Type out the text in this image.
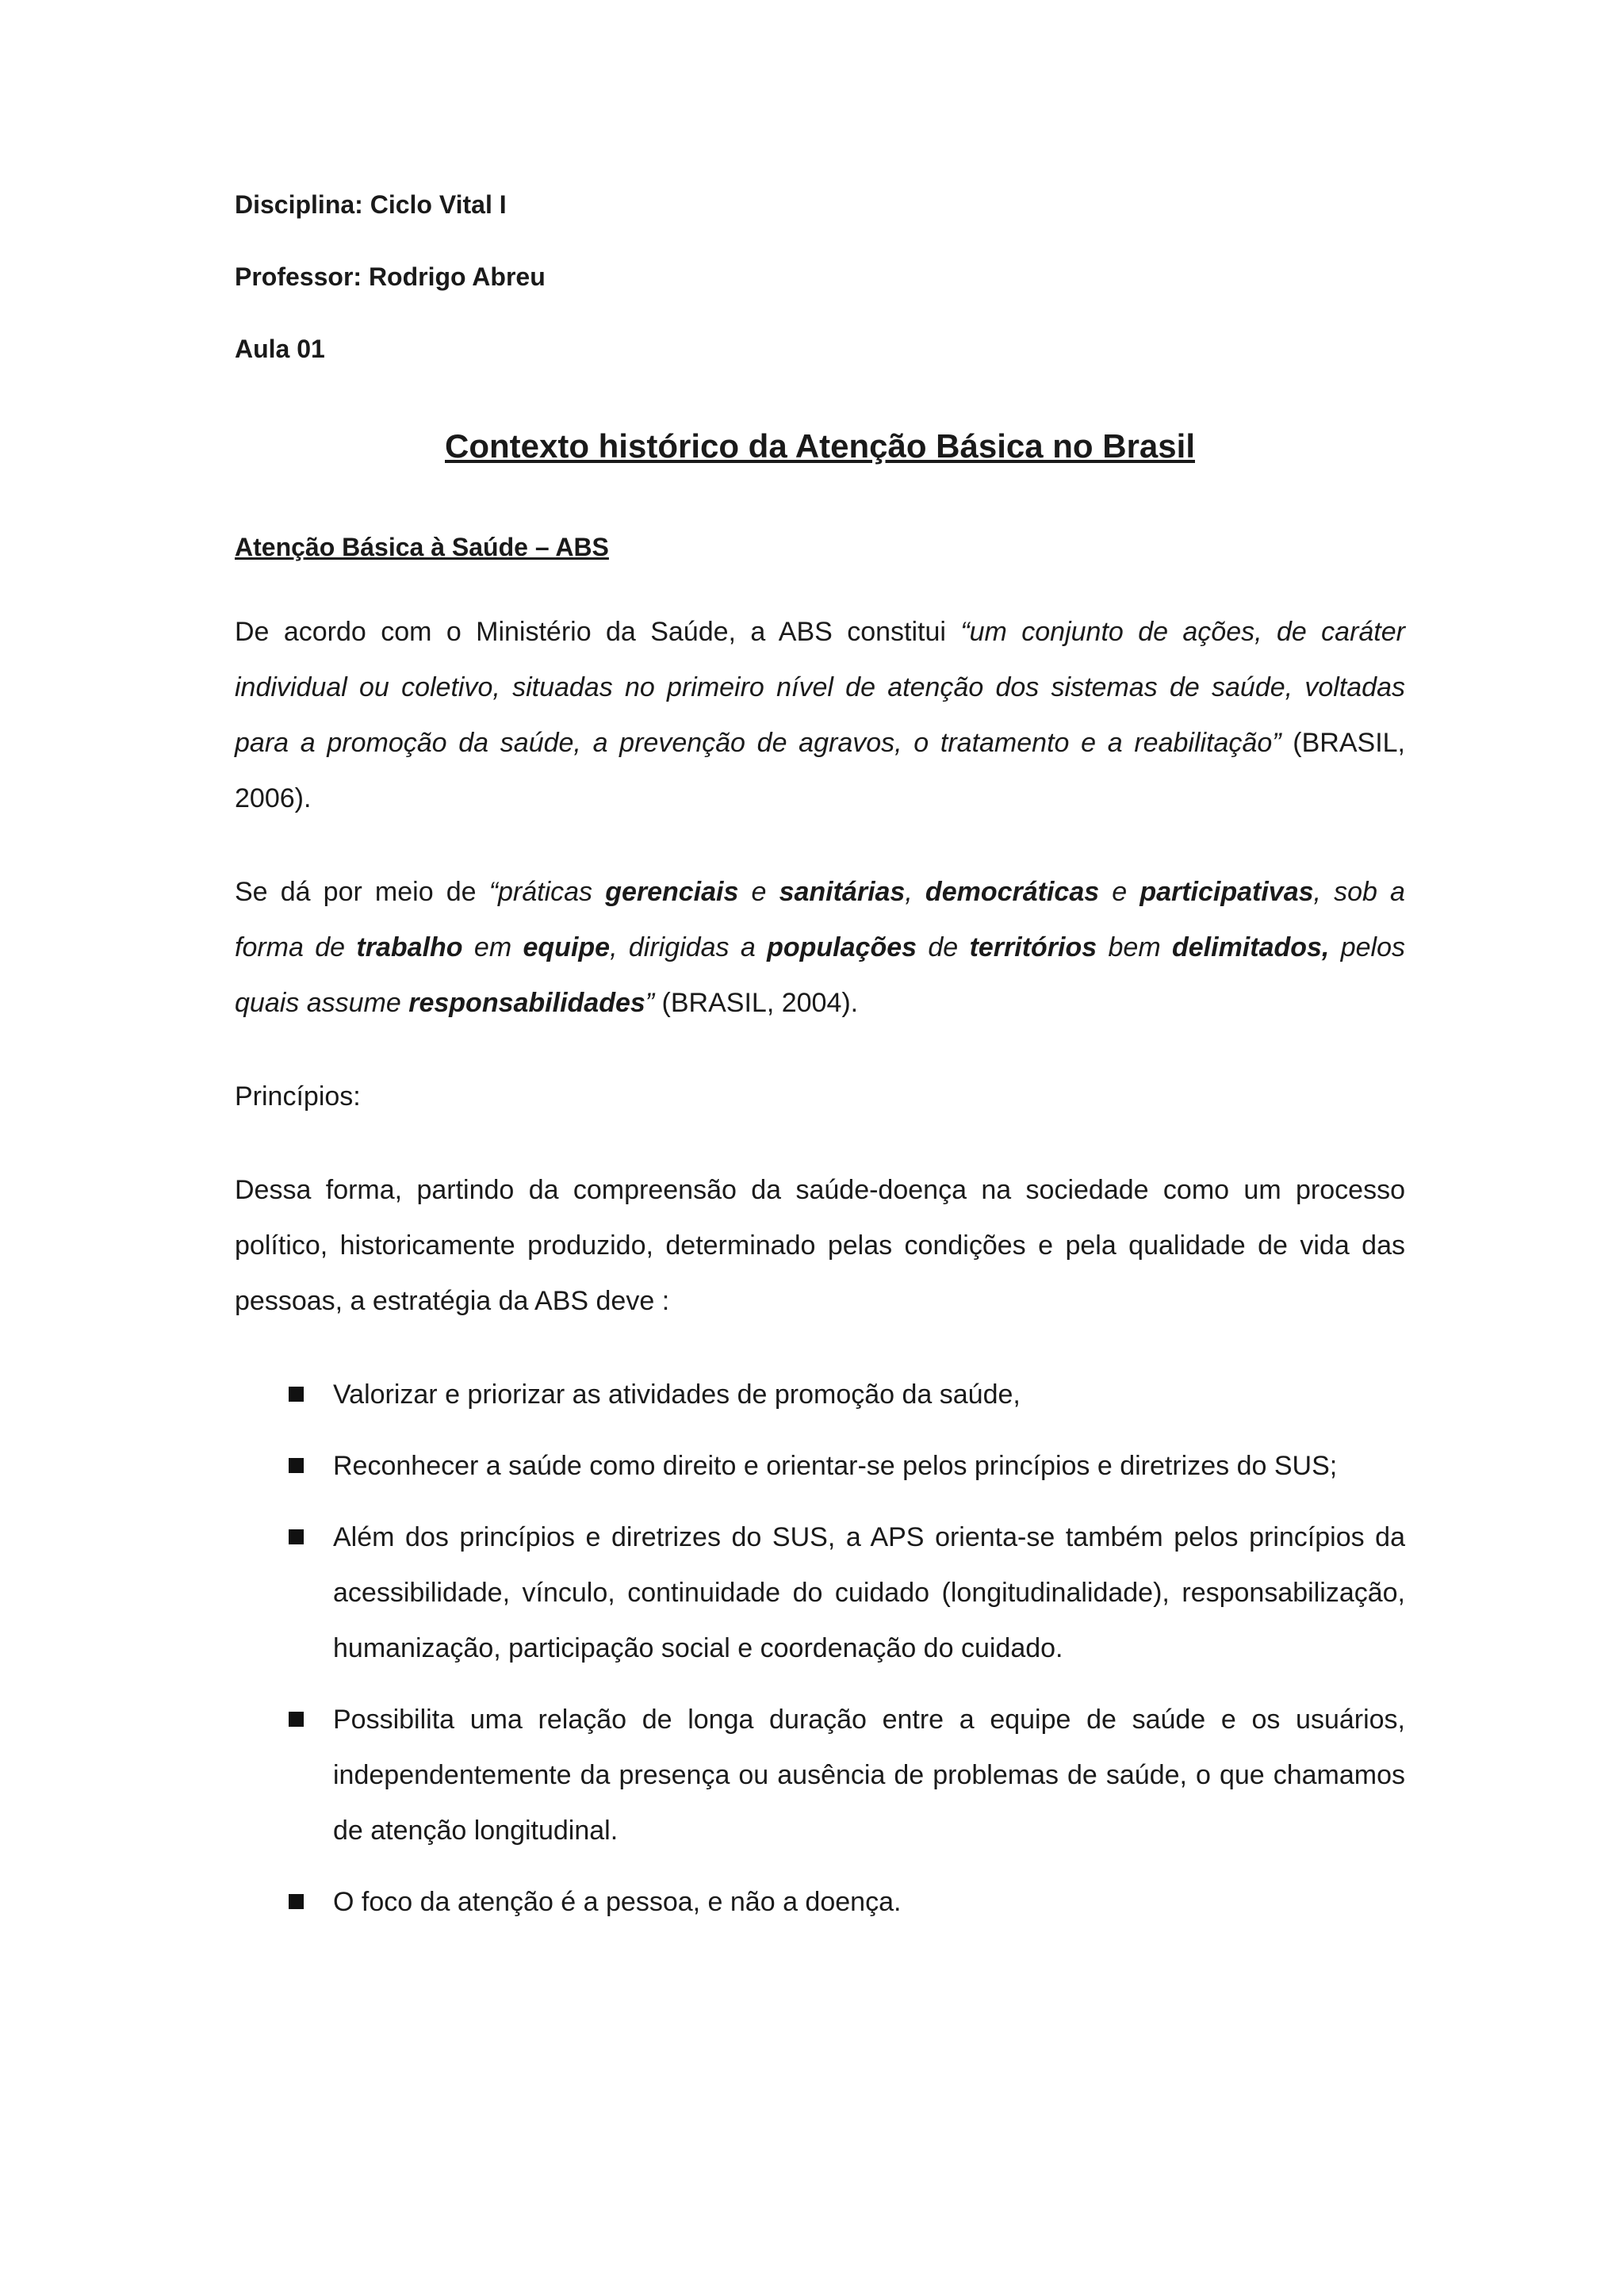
Disciplina: Ciclo Vital I
Professor: Rodrigo Abreu
Aula 01
Contexto histórico da Atenção Básica no Brasil
Atenção Básica à Saúde – ABS

De acordo com o Ministério da Saúde, a ABS constitui “um conjunto de ações, de caráter individual ou coletivo, situadas no primeiro nível de atenção dos sistemas de saúde, voltadas para a promoção da saúde, a prevenção de agravos, o tratamento e a reabilitação” (BRASIL, 2006).

Se dá por meio de “práticas gerenciais e sanitárias, democráticas e participativas, sob a forma de trabalho em equipe, dirigidas a populações de territórios bem delimitados, pelos quais assume responsabilidades” (BRASIL, 2004).

Princípios:

Dessa forma, partindo da compreensão da saúde-doença na sociedade como um processo político, historicamente produzido, determinado pelas condições e pela qualidade de vida das pessoas, a estratégia da ABS deve :

Valorizar e priorizar as atividades de promoção da saúde,
Reconhecer a saúde como direito e orientar-se pelos princípios e diretrizes do SUS;
Além dos princípios e diretrizes do SUS, a APS orienta-se também pelos princípios da acessibilidade, vínculo, continuidade do cuidado (longitudinalidade), responsabilização, humanização, participação social e coordenação do cuidado.
Possibilita uma relação de longa duração entre a equipe de saúde e os usuários, independentemente da presença ou ausência de problemas de saúde, o que chamamos de atenção longitudinal.
O foco da atenção é a pessoa, e não a doença.
